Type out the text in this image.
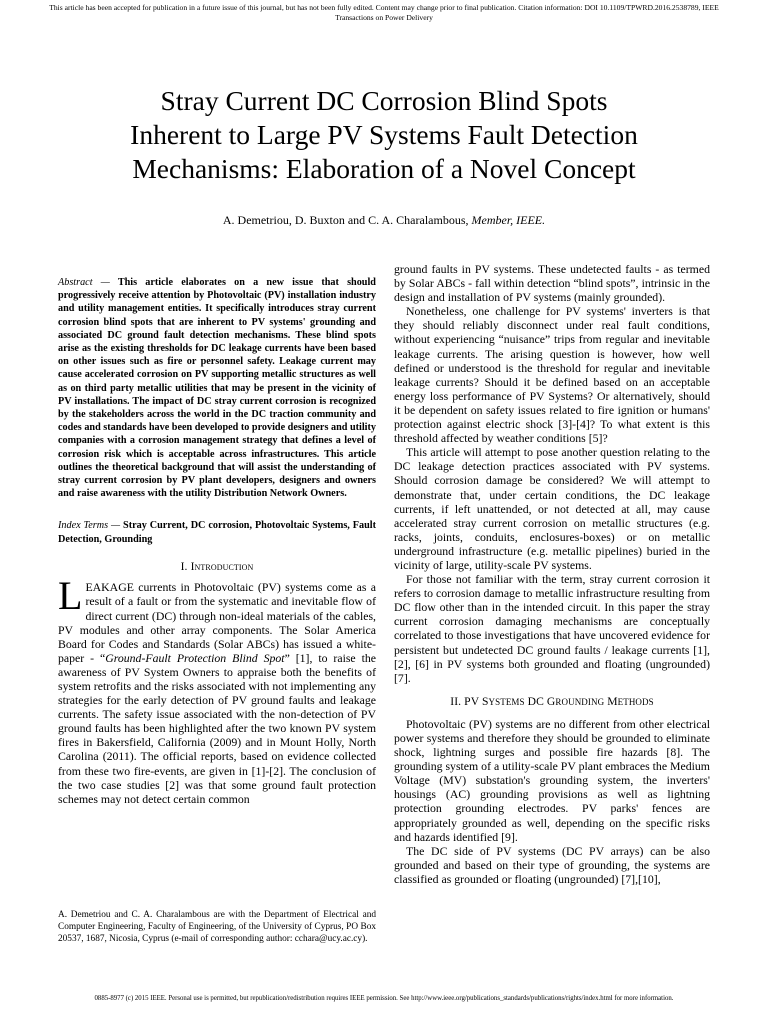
This article has been accepted for publication in a future issue of this journal, but has not been fully edited. Content may change prior to final publication. Citation information: DOI 10.1109/TPWRD.2016.2538789, IEEE
Transactions on Power Delivery
Stray Current DC Corrosion Blind Spots
Inherent to Large PV Systems Fault Detection
Mechanisms: Elaboration of a Novel Concept
A. Demetriou, D. Buxton and C. A. Charalambous, Member, IEEE.
Abstract — This article elaborates on a new issue that should progressively receive attention by Photovoltaic (PV) installation industry and utility management entities. It specifically introduces stray current corrosion blind spots that are inherent to PV systems' grounding and associated DC ground fault detection mechanisms. These blind spots arise as the existing thresholds for DC leakage currents have been based on other issues such as fire or personnel safety. Leakage current may cause accelerated corrosion on PV supporting metallic structures as well as on third party metallic utilities that may be present in the vicinity of PV installations. The impact of DC stray current corrosion is recognized by the stakeholders across the world in the DC traction community and codes and standards have been developed to provide designers and utility companies with a corrosion management strategy that defines a level of corrosion risk which is acceptable across infrastructures. This article outlines the theoretical background that will assist the understanding of stray current corrosion by PV plant developers, designers and owners and raise awareness with the utility Distribution Network Owners.
Index Terms — Stray Current, DC corrosion, Photovoltaic Systems, Fault Detection, Grounding
I. Introduction

LEAKAGE currents in Photovoltaic (PV) systems come as a result of a fault or from the systematic and inevitable flow of direct current (DC) through non-ideal materials of the cables, PV modules and other array components. The Solar America Board for Codes and Standards (Solar ABCs) has issued a white-paper - “Ground-Fault Protection Blind Spot” [1], to raise the awareness of PV System Owners to appraise both the benefits of system retrofits and the risks associated with not implementing any strategies for the early detection of PV ground faults and leakage currents. The safety issue associated with the non-detection of PV ground faults has been highlighted after the two known PV system fires in Bakersfield, California (2009) and in Mount Holly, North Carolina (2011). The official reports, based on evidence collected from these two fire-events, are given in [1]-[2]. The conclusion of the two case studies [2] was that some ground fault protection schemes may not detect certain common

A. Demetriou and C. A. Charalambous are with the Department of Electrical and Computer Engineering, Faculty of Engineering, of the University of Cyprus, PO Box 20537, 1687, Nicosia, Cyprus (e-mail of corresponding author: cchara@ucy.ac.cy).

ground faults in PV systems. These undetected faults - as termed by Solar ABCs - fall within detection “blind spots”, intrinsic in the design and installation of PV systems (mainly grounded).

Nonetheless, one challenge for PV systems' inverters is that they should reliably disconnect under real fault conditions, without experiencing “nuisance” trips from regular and inevitable leakage currents. The arising question is however, how well defined or understood is the threshold for regular and inevitable leakage currents? Should it be defined based on an acceptable energy loss performance of PV Systems? Or alternatively, should it be dependent on safety issues related to fire ignition or humans' protection against electric shock [3]-[4]? To what extent is this threshold affected by weather conditions [5]?

This article will attempt to pose another question relating to the DC leakage detection practices associated with PV systems. Should corrosion damage be considered? We will attempt to demonstrate that, under certain conditions, the DC leakage currents, if left unattended, or not detected at all, may cause accelerated stray current corrosion on metallic structures (e.g. racks, joints, conduits, enclosures-boxes) or on metallic underground infrastructure (e.g. metallic pipelines) buried in the vicinity of large, utility-scale PV systems.

For those not familiar with the term, stray current corrosion it refers to corrosion damage to metallic infrastructure resulting from DC flow other than in the intended circuit. In this paper the stray current corrosion damaging mechanisms are conceptually correlated to those investigations that have uncovered evidence for persistent but undetected DC ground faults / leakage currents [1], [2], [6] in PV systems both grounded and floating (ungrounded) [7].

II. PV SYSTEMS DC GROUNDING METHODS

Photovoltaic (PV) systems are no different from other electrical power systems and therefore they should be grounded to eliminate shock, lightning surges and possible fire hazards [8]. The grounding system of a utility-scale PV plant embraces the Medium Voltage (MV) substation's grounding system, the inverters' housings (AC) grounding provisions as well as lightning protection grounding electrodes. PV parks' fences are appropriately grounded as well, depending on the specific risks and hazards identified [9].

The DC side of PV systems (DC PV arrays) can be also grounded and based on their type of grounding, the systems are classified as grounded or floating (ungrounded) [7],[10],

0885-8977 (c) 2015 IEEE. Personal use is permitted, but republication/redistribution requires IEEE permission. See http://www.ieee.org/publications_standards/publications/rights/index.html for more information.
